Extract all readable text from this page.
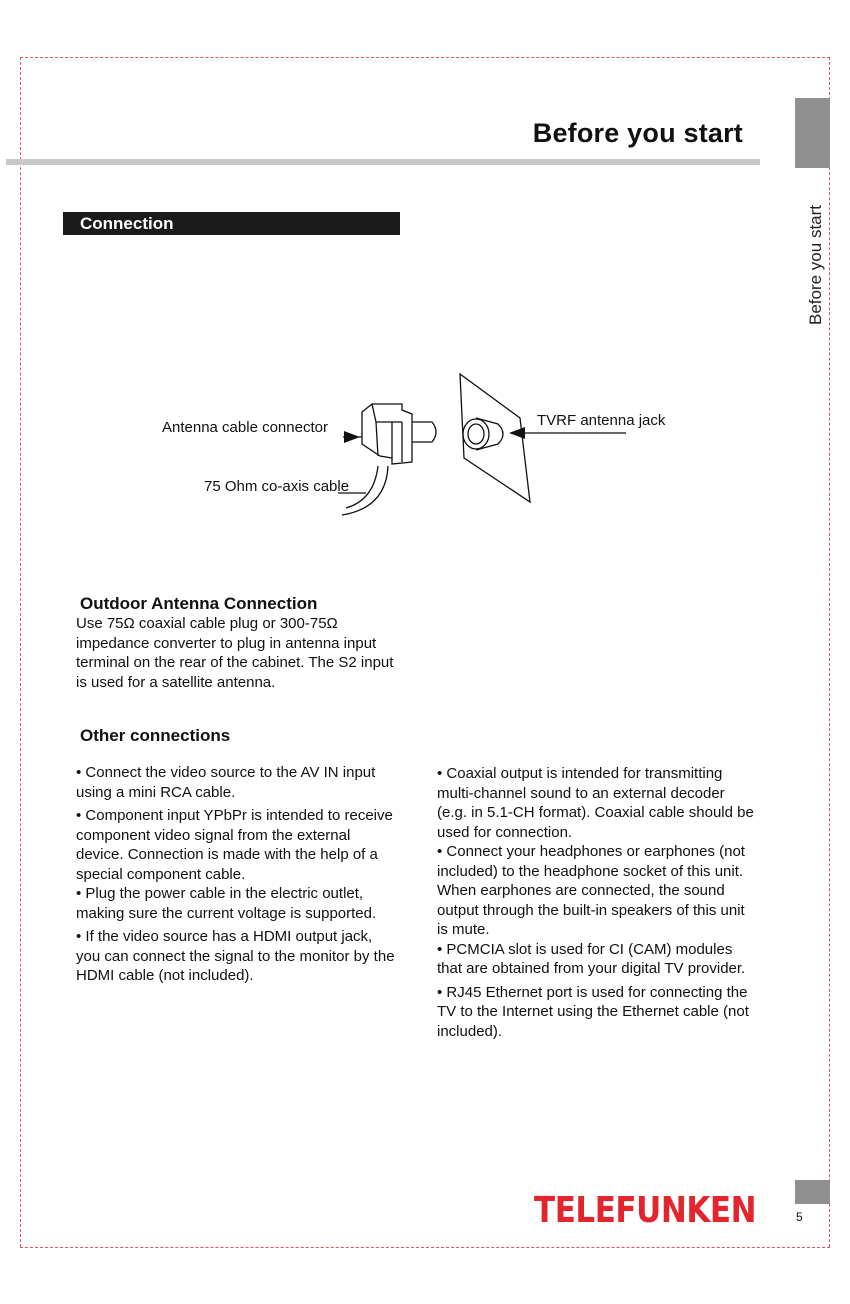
Before you start
Before you start
Connection
Antenna cable connector
75 Ohm co-axis cable
TVRF antenna jack
Outdoor Antenna Connection

Use 75Ω coaxial cable plug or 300-75Ω impedance converter to plug in antenna input terminal on the rear of the cabinet. The S2 input is used for a satellite antenna.

Other connections

• Connect the video source to the AV IN input using a mini RCA cable.

• Component input YPbPr is intended to receive component video signal from the external device. Connection is made with the help of a special component cable.

• Plug the power cable in the electric outlet, making sure the current voltage is supported.

• If the video source has a HDMI output jack, you can connect the signal to the monitor by the HDMI cable (not included).

• Coaxial output is intended for transmitting multi-channel sound to an external decoder (e.g. in 5.1-CH format). Coaxial cable should be used for connection.

• Connect your headphones or earphones (not included) to the headphone socket of this unit. When earphones are connected, the sound output through the built-in speakers of this unit is mute.

• PCMCIA slot is used for CI (CAM) modules that are obtained from your digital TV provider.

• RJ45 Ethernet port is used for connecting the TV to the Internet using the Ethernet cable (not included).

TELEFUNKEN	5
